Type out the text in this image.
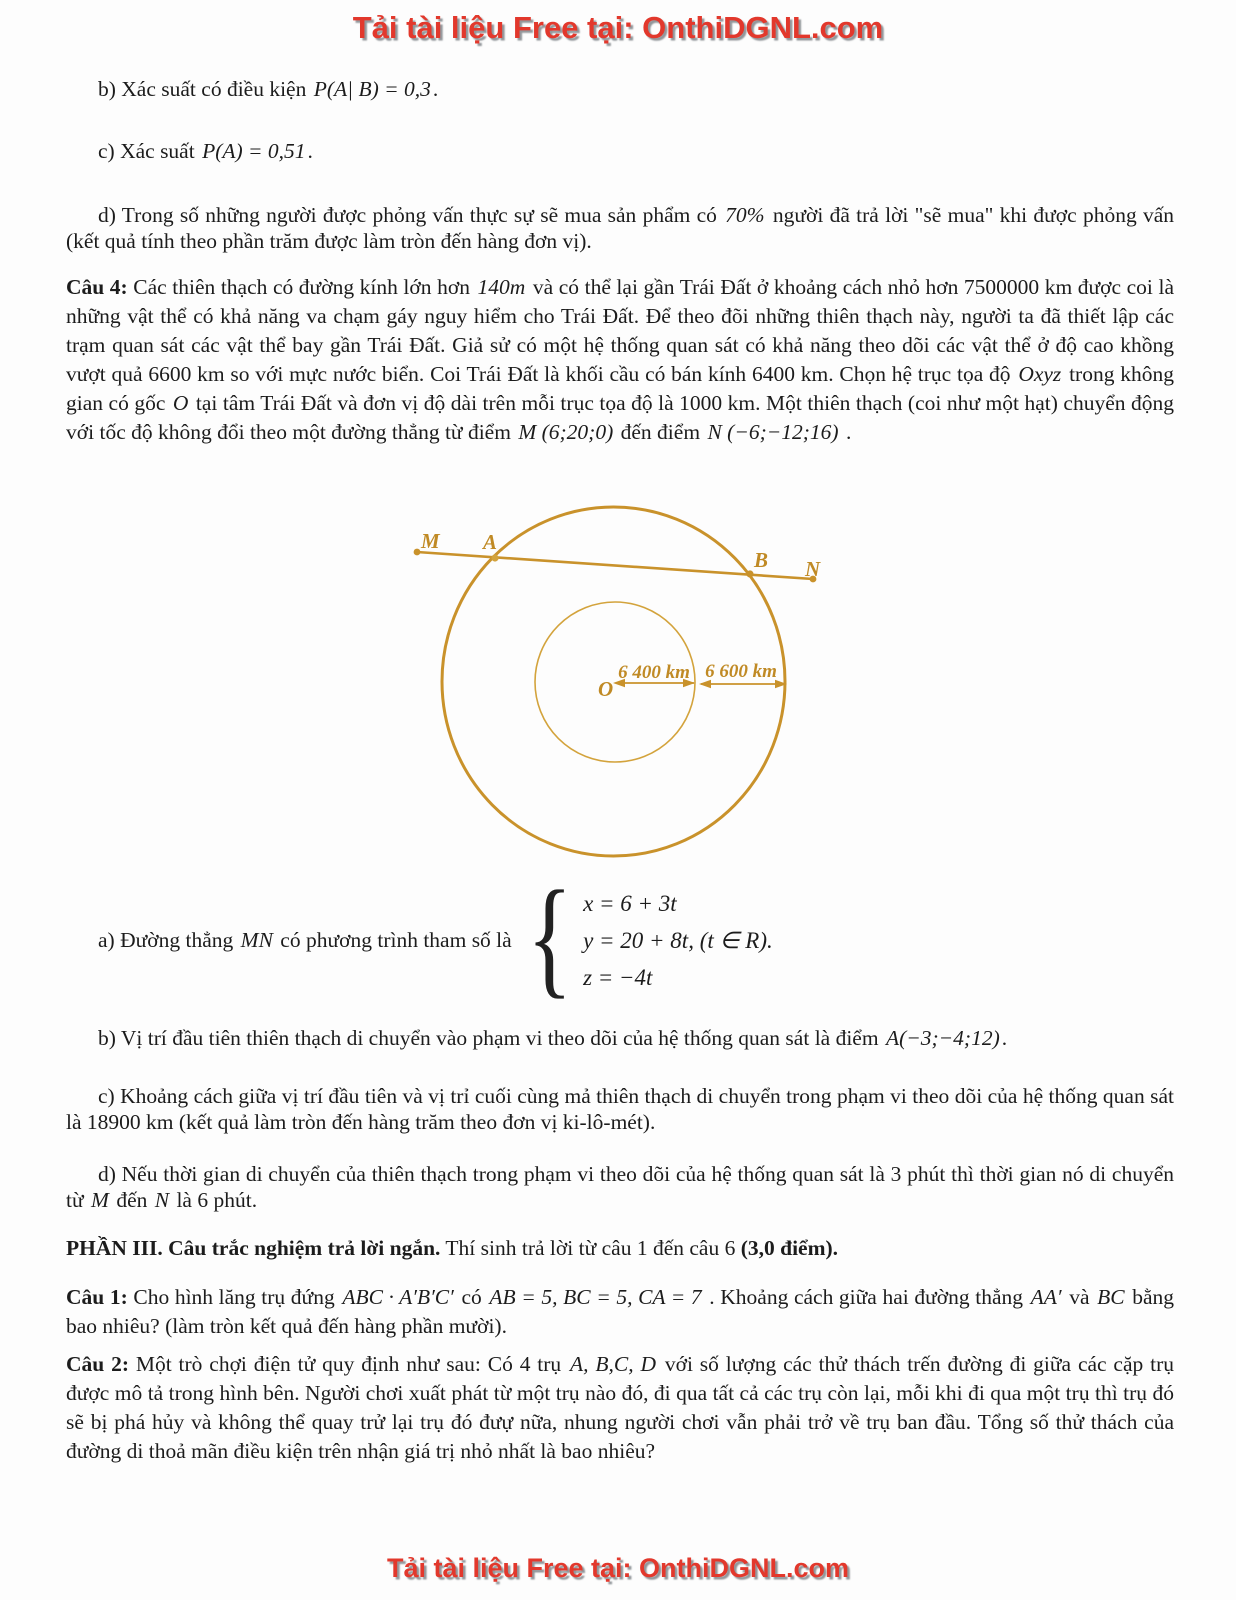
Tải tài liệu Free tại: OnthiDGNL.com
b) Xác suất có điều kiện P(A| B) = 0,3.
c) Xác suất P(A) = 0,51.
d) Trong số những người được phỏng vấn thực sự sẽ mua sản phẩm có 70% người đã trả lời "sẽ mua" khi được phỏng vấn (kết quả tính theo phần trăm được làm tròn đến hàng đơn vị).
Câu 4: Các thiên thạch có đường kính lớn hơn 140m và có thể lại gần Trái Đất ở khoảng cách nhỏ hơn 7500000 km được coi là những vật thể có khả năng va chạm gáy nguy hiểm cho Trái Đất. Để theo đõi những thiên thạch này, người ta đã thiết lập các trạm quan sát các vật thể bay gần Trái Đất. Giả sử có một hệ thống quan sát có khả năng theo dõi các vật thể ở độ cao khồng vượt quả 6600 km so với mực nước biển. Coi Trái Đất là khối cầu có bán kính 6400 km. Chọn hệ trục tọa độ Oxyz trong không gian có gốc O tại tâm Trái Đất và đơn vị độ dài trên mỗi trục tọa độ là 1000 km. Một thiên thạch (coi như một hạt) chuyển động với tốc độ không đổi theo một đường thẳng từ điểm M (6;20;0) đến điểm N (−6;−12;16) .
M A
B N
O
6 400 km 6 600 km
a) Đường thẳng MN có phương trình tham số là { x = 6 + 3t
y = 20 + 8t, (t ∈ R).
z = −4t
b) Vị trí đầu tiên thiên thạch di chuyển vào phạm vi theo dõi của hệ thống quan sát là điểm A(−3;−4;12).
c) Khoảng cách giữa vị trí đầu tiên và vị trỉ cuối cùng mả thiên thạch di chuyển trong phạm vi theo dõi của hệ thống quan sát là 18900 km (kết quả làm tròn đến hàng trăm theo đơn vị ki-lô-mét).
d) Nếu thời gian di chuyển của thiên thạch trong phạm vi theo dõi của hệ thống quan sát là 3 phút thì thời gian nó di chuyển từ M đến N là 6 phút.
PHẦN III. Câu trắc nghiệm trả lời ngắn. Thí sinh trả lời từ câu 1 đến câu 6 (3,0 điểm).
Câu 1: Cho hình lăng trụ đứng ABC · A′B′C′ có AB = 5, BC = 5, CA = 7 . Khoảng cách giữa hai đường thẳng AA′ và BC bằng bao nhiêu? (làm tròn kết quả đến hàng phần mười).
Câu 2: Một trò chợi điện tử quy định như sau: Có 4 trụ A, B,C, D với số lượng các thử thách trến đường đi giữa các cặp trụ được mô tả trong hình bên. Người chơi xuất phát từ một trụ nào đó, đi qua tất cả các trụ còn lại, mỗi khi đi qua một trụ thì trụ đó sẽ bị phá hủy và không thể quay trử lại trụ đó đưự nữa, nhung người chơi vẫn phải trở về trụ ban đầu. Tổng số thử thách của đường di thoả mãn điều kiện trên nhận giá trị nhỏ nhất là bao nhiêu?
Tải tài liệu Free tại: OnthiDGNL.com
